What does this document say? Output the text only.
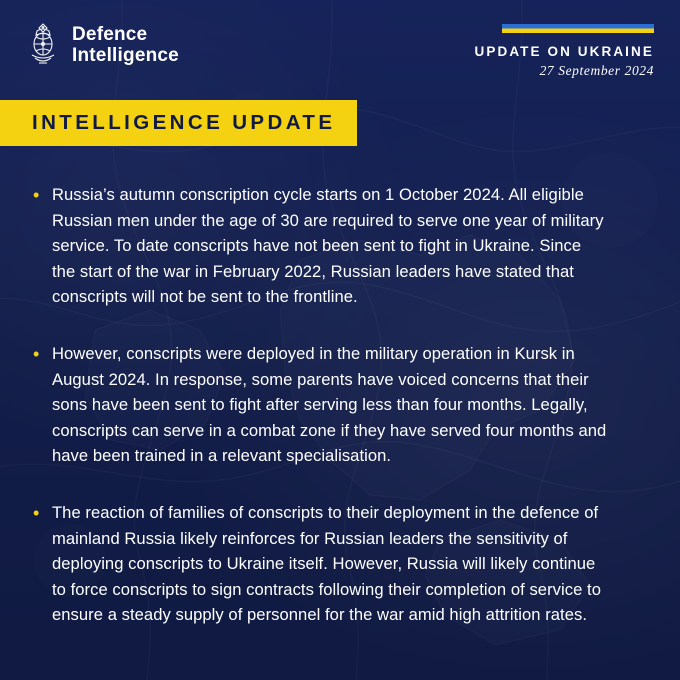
Defence
Intelligence	UPDATE ON UKRAINE
27 September 2024
INTELLIGENCE UPDATE
• Russia’s autumn conscription cycle starts on 1 October 2024. All eligible Russian men under the age of 30 are required to serve one year of military service. To date conscripts have not been sent to fight in Ukraine. Since the start of the war in February 2022, Russian leaders have stated that conscripts will not be sent to the frontline.
• However, conscripts were deployed in the military operation in Kursk in August 2024. In response, some parents have voiced concerns that their sons have been sent to fight after serving less than four months. Legally, conscripts can serve in a combat zone if they have served four months and have been trained in a relevant specialisation.
• The reaction of families of conscripts to their deployment in the defence of mainland Russia likely reinforces for Russian leaders the sensitivity of deploying conscripts to Ukraine itself. However, Russia will likely continue to force conscripts to sign contracts following their completion of service to ensure a steady supply of personnel for the war amid high attrition rates.
